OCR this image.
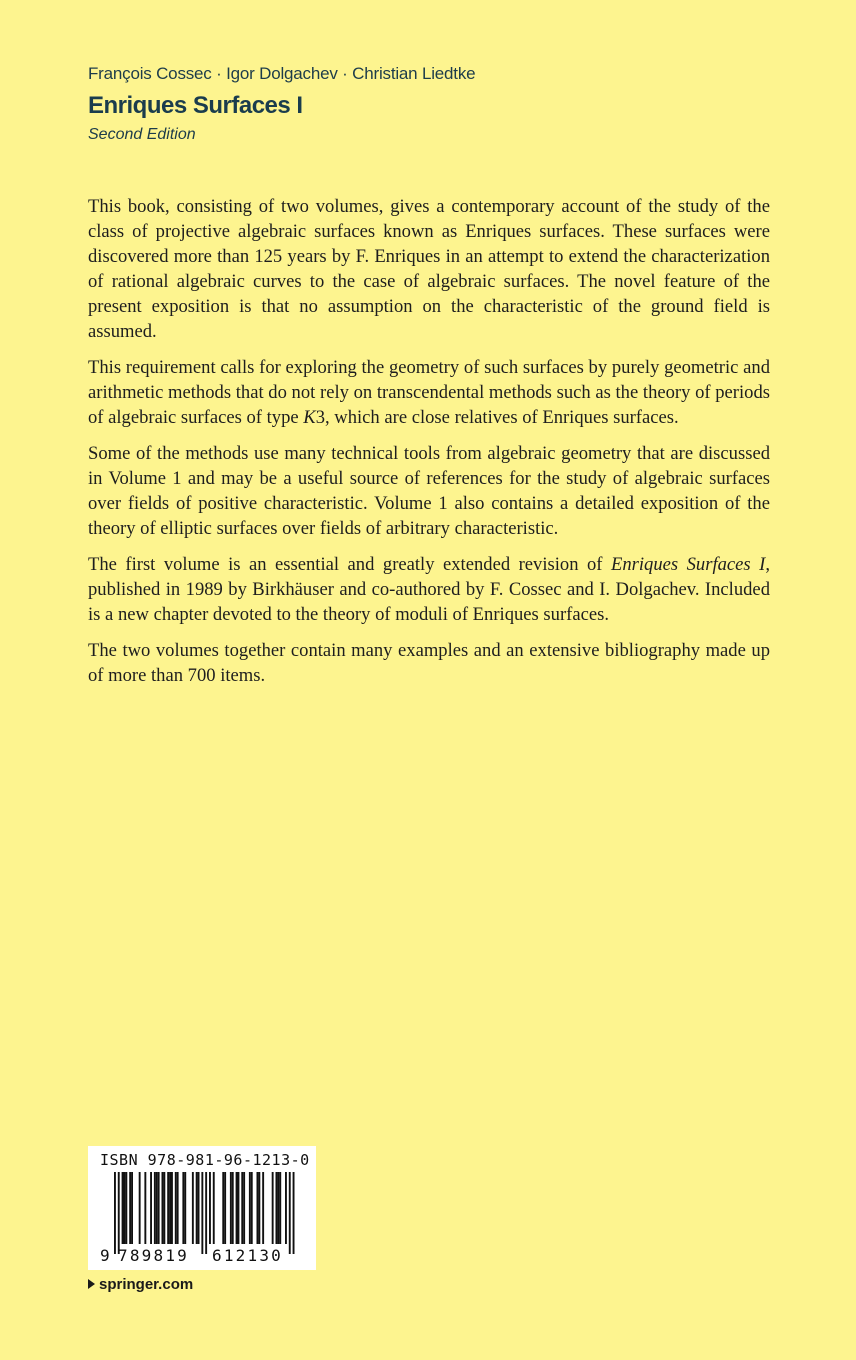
François Cossec · Igor Dolgachev · Christian Liedtke
Enriques Surfaces I
Second Edition

This book, consisting of two volumes, gives a contemporary account of the study of the class of projective algebraic surfaces known as Enriques surfaces. These surfaces were discovered more than 125 years by F. Enriques in an attempt to extend the characterization of rational algebraic curves to the case of algebraic surfaces. The novel feature of the present exposition is that no assumption on the characteristic of the ground field is assumed.

This requirement calls for exploring the geometry of such surfaces by purely geometric and arithmetic methods that do not rely on transcendental methods such as the theory of periods of algebraic surfaces of type K3, which are close relatives of Enriques surfaces.

Some of the methods use many technical tools from algebraic geometry that are discussed in Volume 1 and may be a useful source of references for the study of algebraic surfaces over fields of positive characteristic. Volume 1 also contains a detailed exposition of the theory of elliptic surfaces over fields of arbitrary characteristic.

The first volume is an essential and greatly extended revision of Enriques Surfaces I, published in 1989 by Birkhäuser and co-authored by F. Cossec and I. Dolgachev. Included is a new chapter devoted to the theory of moduli of Enriques surfaces.

The two volumes together contain many examples and an extensive bibliography made up of more than 700 items.

ISBN 978-981-96-1213-0
9 789819 612130
springer.com
